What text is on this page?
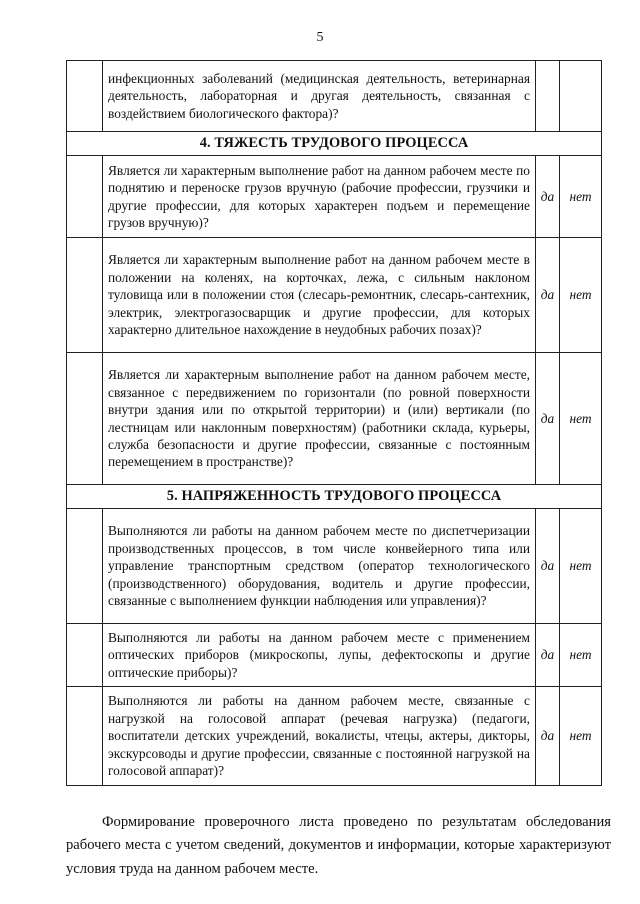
5
	инфекционных заболеваний (медицинская деятельность, ветеринарная деятельность, лабораторная и другая деятельность, связанная с воздействием биологического фактора)?		
4. ТЯЖЕСТЬ ТРУДОВОГО ПРОЦЕССА			
	Является ли характерным выполнение работ на данном рабочем месте по поднятию и переноске грузов вручную (рабочие профессии, грузчики и другие профессии, для которых характерен подъем и перемещение грузов вручную)?	да	нет
	Является ли характерным выполнение работ на данном рабочем месте в положении на коленях, на корточках, лежа, с сильным наклоном туловища или в положении стоя (слесарь-ремонтник, слесарь-сантехник, электрик, электрогазосварщик и другие профессии, для которых характерно длительное нахождение в неудобных рабочих позах)?	да	нет
	Является ли характерным выполнение работ на данном рабочем месте, связанное с передвижением по горизонтали (по ровной поверхности внутри здания или по открытой территории) и (или) вертикали (по лестницам или наклонным поверхностям) (работники склада, курьеры, служба безопасности и другие профессии, связанные с постоянным перемещением в пространстве)?	да	нет
5. НАПРЯЖЕННОСТЬ ТРУДОВОГО ПРОЦЕССА			
	Выполняются ли работы на данном рабочем месте по диспетчеризации производственных процессов, в том числе конвейерного типа или управление транспортным средством (оператор технологического (производственного) оборудования, водитель и другие профессии, связанные с выполнением функции наблюдения или управления)?	да	нет
	Выполняются ли работы на данном рабочем месте с применением оптических приборов (микроскопы, лупы, дефектоскопы и другие оптические приборы)?	да	нет
	Выполняются ли работы на данном рабочем месте, связанные с нагрузкой на голосовой аппарат (речевая нагрузка) (педагоги, воспитатели детских учреждений, вокалисты, чтецы, актеры, дикторы, экскурсоводы и другие профессии, связанные с постоянной нагрузкой на голосовой аппарат)?	да	нет

Формирование проверочного листа проведено по результатам обследования рабочего места с учетом сведений, документов и информации, которые характеризуют условия труда на данном рабочем месте.
